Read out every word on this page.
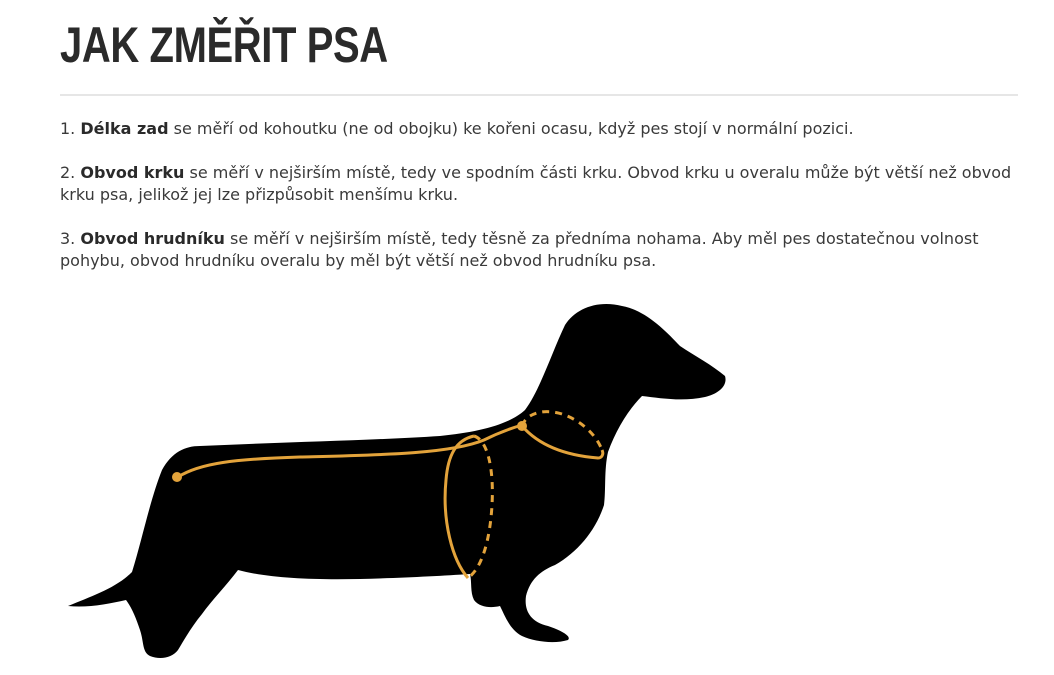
JAK ZMĚŘIT PSA

1. Délka zad se měří od kohoutku (ne od obojku) ke kořeni ocasu, když pes stojí v normální pozici.

2. Obvod krku se měří v nejširším místě, tedy ve spodním části krku. Obvod krku u overalu může být větší než obvod krku psa, jelikož jej lze přizpůsobit menšímu krku.

3. Obvod hrudníku se měří v nejširším místě, tedy těsně za předníma nohama. Aby měl pes dostatečnou volnost pohybu, obvod hrudníku overalu by měl být větší než obvod hrudníku psa.
